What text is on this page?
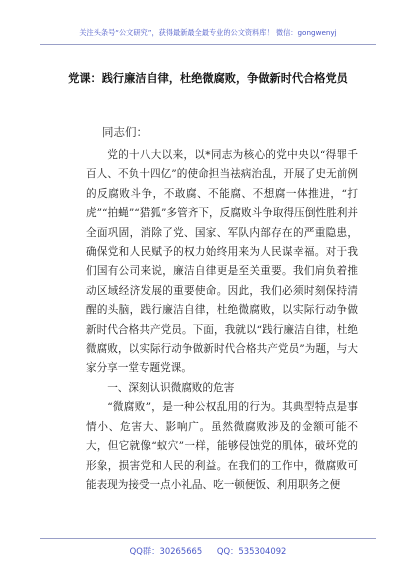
关注头条号“公文研究”，获得最新最全最专业的公文资料库！ 微信：gongwenyj
党课：践行廉洁自律，杜绝微腐败，争做新时代合格党员
同志们：

党的十八大以来，以*同志为核心的党中央以“得罪千百人、不负十四亿”的使命担当祛病治乱，开展了史无前例的反腐败斗争，不敢腐、不能腐、不想腐一体推进，“打虎”“拍蝇”“猎狐”多管齐下，反腐败斗争取得压倒性胜利并全面巩固，消除了党、国家、军队内部存在的严重隐患，确保党和人民赋予的权力始终用来为人民谋幸福。对于我们国有公司来说，廉洁自律更是至关重要。我们肩负着推动区域经济发展的重要使命。因此，我们必须时刻保持清醒的头脑，践行廉洁自律，杜绝微腐败，以实际行动争做新时代合格共产党员。下面，我就以“践行廉洁自律，杜绝微腐败，以实际行动争做新时代合格共产党员”为题，与大家分享一堂专题党课。

一、深刻认识微腐败的危害

“微腐败”，是一种公权乱用的行为。其典型特点是事情小、危害大、影响广。虽然微腐败涉及的金额可能不大，但它就像“蚁穴”一样，能够侵蚀党的肌体，破坏党的形象，损害党和人民的利益。在我们的工作中，微腐败可能表现为接受一点小礼品、吃一顿便饭、利用职务之便

QQ群：30265665 QQ：535304092
